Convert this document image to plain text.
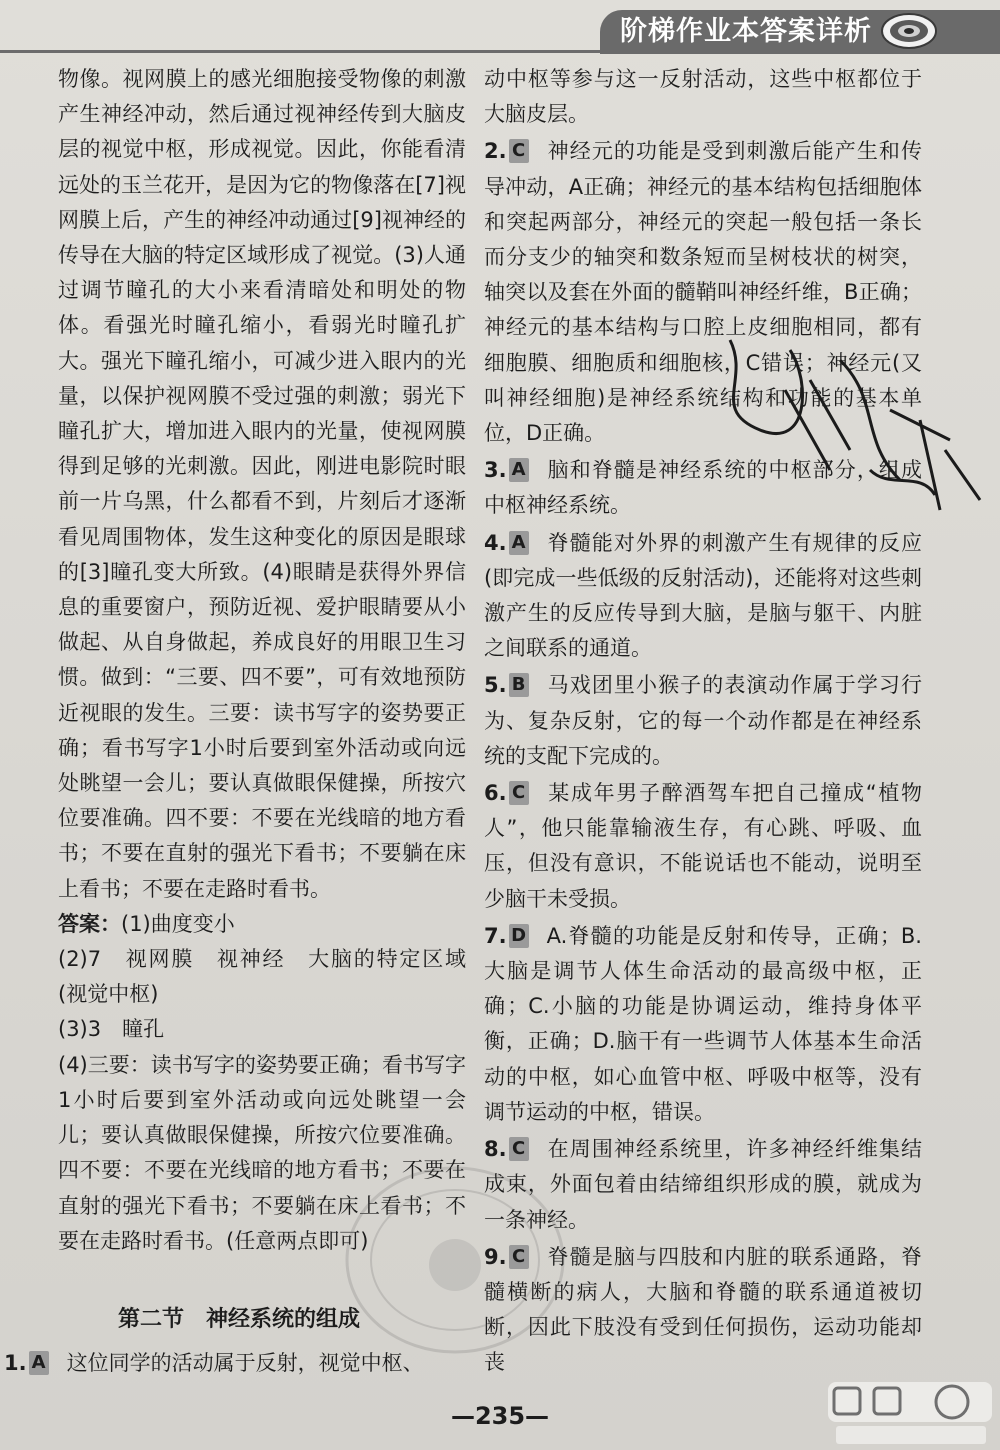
阶梯作业本答案详析

物像。视网膜上的感光细胞接受物像的刺激产生神经冲动，然后通过视神经传到大脑皮层的视觉中枢，形成视觉。因此，你能看清远处的玉兰花开，是因为它的物像落在[7]视网膜上后，产生的神经冲动通过[9]视神经的传导在大脑的特定区域形成了视觉。(3)人通过调节瞳孔的大小来看清暗处和明处的物体。看强光时瞳孔缩小，看弱光时瞳孔扩大。强光下瞳孔缩小，可减少进入眼内的光量，以保护视网膜不受过强的刺激；弱光下瞳孔扩大，增加进入眼内的光量，使视网膜得到足够的光刺激。因此，刚进电影院时眼前一片乌黑，什么都看不到，片刻后才逐渐看见周围物体，发生这种变化的原因是眼球的[3]瞳孔变大所致。(4)眼睛是获得外界信息的重要窗户，预防近视、爱护眼睛要从小做起、从自身做起，养成良好的用眼卫生习惯。做到：“三要、四不要”，可有效地预防近视眼的发生。三要：读书写字的姿势要正确；看书写字1小时后要到室外活动或向远处眺望一会儿；要认真做眼保健操，所按穴位要准确。四不要：不要在光线暗的地方看书；不要在直射的强光下看书；不要躺在床上看书；不要在走路时看书。

答案：(1)曲度变小

(2)7　视网膜　视神经　大脑的特定区域(视觉中枢)

(3)3　瞳孔

(4)三要：读书写字的姿势要正确；看书写字1小时后要到室外活动或向远处眺望一会儿；要认真做眼保健操，所按穴位要准确。四不要：不要在光线暗的地方看书；不要在直射的强光下看书；不要躺在床上看书；不要在走路时看书。(任意两点即可)

第二节　神经系统的组成
1. A 这位同学的活动属于反射，视觉中枢、

动中枢等参与这一反射活动，这些中枢都位于大脑皮层。

2. C 神经元的功能是受到刺激后能产生和传导冲动，A正确；神经元的基本结构包括细胞体和突起两部分，神经元的突起一般包括一条长而分支少的轴突和数条短而呈树枝状的树突，轴突以及套在外面的髓鞘叫神经纤维，B正确；神经元的基本结构与口腔上皮细胞相同，都有细胞膜、细胞质和细胞核，C错误；神经元(又叫神经细胞)是神经系统结构和功能的基本单位，D正确。

3. A 脑和脊髓是神经系统的中枢部分，组成中枢神经系统。

4. A 脊髓能对外界的刺激产生有规律的反应(即完成一些低级的反射活动)，还能将对这些刺激产生的反应传导到大脑，是脑与躯干、内脏之间联系的通道。

5. B 马戏团里小猴子的表演动作属于学习行为、复杂反射，它的每一个动作都是在神经系统的支配下完成的。

6. C 某成年男子醉酒驾车把自己撞成“植物人”，他只能靠输液生存，有心跳、呼吸、血压，但没有意识，不能说话也不能动，说明至少脑干未受损。

7. D A.脊髓的功能是反射和传导，正确；B.大脑是调节人体生命活动的最高级中枢，正确；C.小脑的功能是协调运动，维持身体平衡，正确；D.脑干有一些调节人体基本生命活动的中枢，如心血管中枢、呼吸中枢等，没有调节运动的中枢，错误。

8. C 在周围神经系统里，许多神经纤维集结成束，外面包着由结缔组织形成的膜，就成为一条神经。

9. C 脊髓是脑与四肢和内脏的联系通路，脊髓横断的病人，大脑和脊髓的联系通道被切断，因此下肢没有受到任何损伤，运动功能却丧

—235—
